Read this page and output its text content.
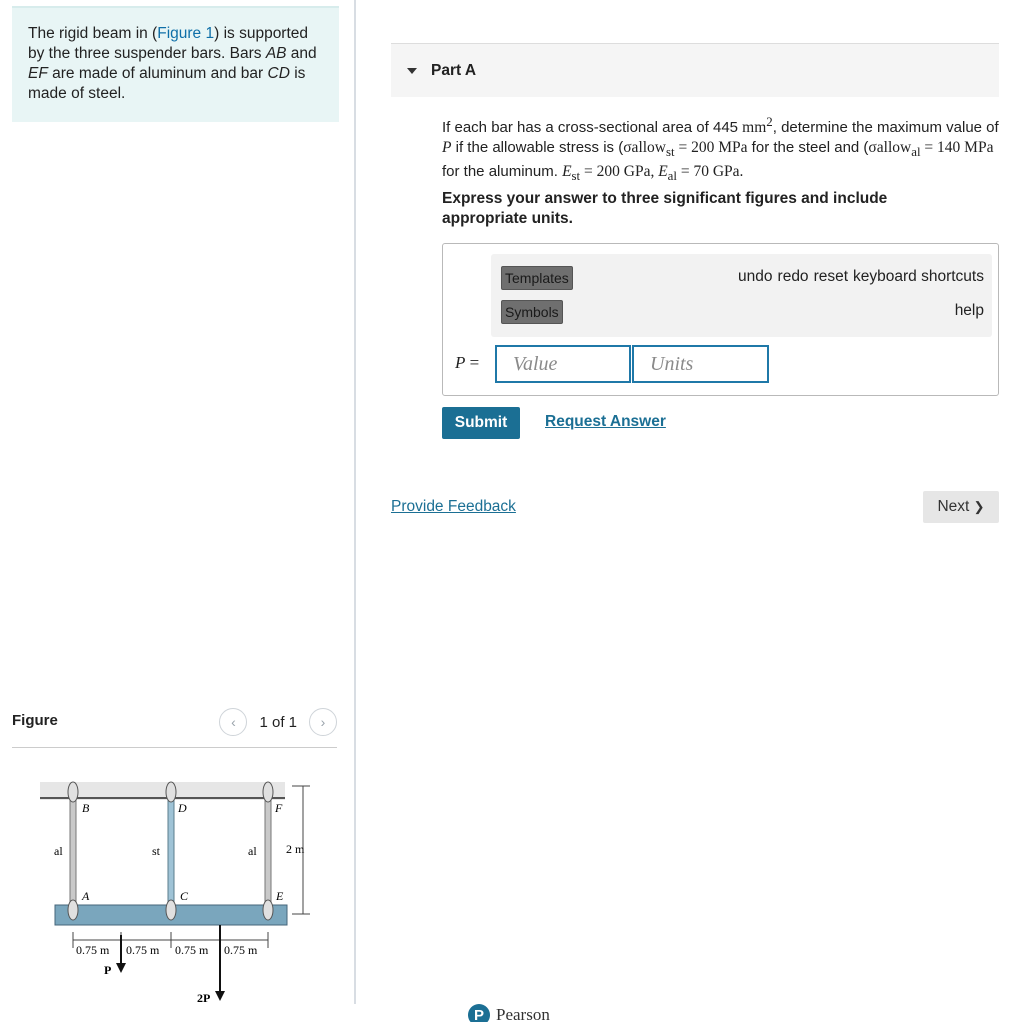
The rigid beam in (Figure 1) is supported by the three suspender bars. Bars AB and EF are made of aluminum and bar CD is made of steel.
Figure	‹ 1 of 1 ›
B	D	F
A	C	E
al	st	al 2 m
0.75 m 0.75 m 0.75 m 0.75 m
P
2P
Part A
If each bar has a cross-sectional area of 445 $mm^2$, determine the maximum value of P if the allowable stress is (σallow$_{st}$ = 200 MPa for the steel and (σallow$_{al}$ = 140 MPa for the aluminum. $E_{st} = 200$ GPa, $E_{al} = 70$ GPa.
Express your answer to three significant figures and include appropriate units.
Templates
Symbols
undo redo reset keyboard shortcuts
help
P =	Value	Units
Submit	Request Answer
Provide Feedback	Next
❯
P Pearson
